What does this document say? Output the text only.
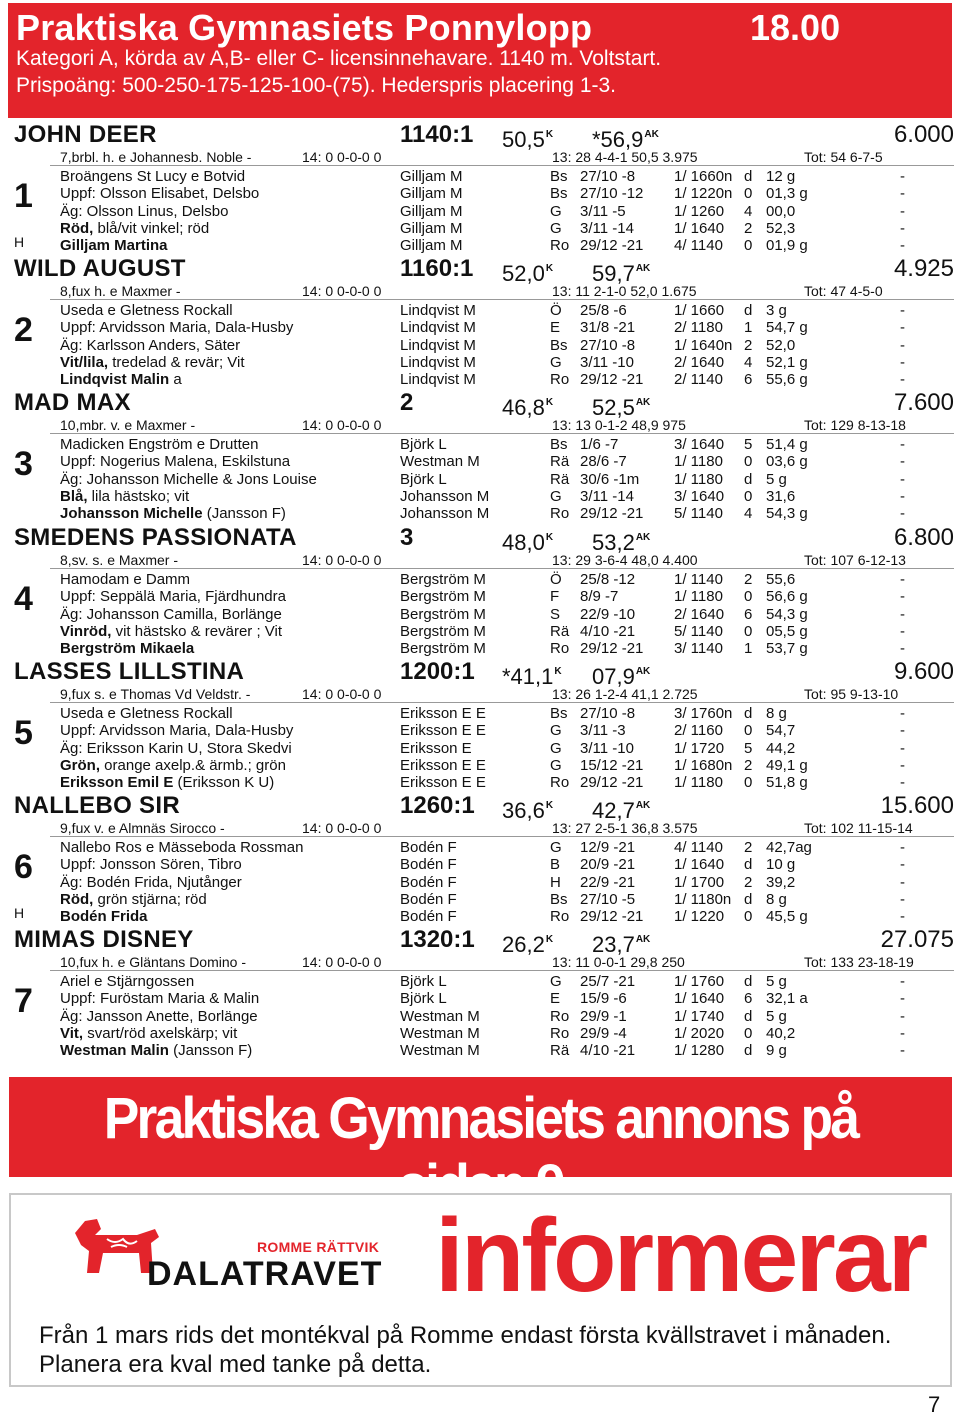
Praktiska Gymnasiets Ponnylopp	18.00
Kategori A, körda av A,B- eller C- licensinnehavare. 1140 m. Voltstart.
Prispoäng: 500-250-175-125-100-(75). Hederspris placering 1-3.
JOHN DEER	1140:1 $50,5^K$ $*56,9^{AK}$	6.000
7,brbl. h. e Johannesb. Noble -	14: 0 0-0-0 0	13: 28 4-4-1 50,5 3.975	Tot: 54 6-7-5
1
H
Broängens St Lucy e Botvid	Gilljam M	Bs 27/10 -8	1/ 1660n d 12 g	-
Uppf: Olsson Elisabet, Delsbo	Gilljam M	Bs 27/10 -12 1/ 1220n 0 01,3 g	-
Äg: Olsson Linus, Delsbo	Gilljam M	G 3/11 -5	1/ 1260 4 00,0	-
Röd, blå/vit vinkel; röd	Gilljam M	G 3/11 -14	1/ 1640 2 52,3	-
Gilljam Martina	Gilljam M	Ro 29/12 -21 4/ 1140 0 01,9 g	-
WILD AUGUST	1160:1 $52,0^K$ $59,7^{AK}$	4.925
8,fux h. e Maxmer -	14: 0 0-0-0 0	13: 11 2-1-0 52,0 1.675	Tot: 47 4-5-0
2
Useda e Gletness Rockall	Lindqvist M	Ö 25/8 -6	1/ 1660 d 3 g	-
Uppf: Arvidsson Maria, Dala-Husby	Lindqvist M	E 31/8 -21	2/ 1180 1 54,7 g	-
Äg: Karlsson Anders, Säter	Lindqvist M	Bs 27/10 -8	1/ 1640n 2 52,0	-
Vit/lila, tredelad & revär; Vit	Lindqvist M	G 3/11 -10	2/ 1640 4 52,1 g	-
Lindqvist Malin a	Lindqvist M	Ro 29/12 -21 2/ 1140 6 55,6 g	-
MAD MAX	2	$46,8^K$ $52,5^{AK}$	7.600
10,mbr. v. e Maxmer -	14: 0 0-0-0 0	13: 13 0-1-2 48,9 975	Tot: 129 8-13-18
3
Madicken Engström e Drutten	Björk L	Bs 1/6 -7	3/ 1640 5 51,4 g	-
Uppf: Nogerius Malena, Eskilstuna	Westman M	Rä 28/6 -7	1/ 1180 0 03,6 g	-
Äg: Johansson Michelle & Jons Louise	Björk L	Rä 30/6 -1m 1/ 1180 d 5 g	-
Blå, lila hästsko; vit	Johansson M	G 3/11 -14	3/ 1640 0 31,6	-
Johansson Michelle (Jansson F)	Johansson M	Ro 29/12 -21 5/ 1140 4 54,3 g	-
SMEDENS PASSIONATA	3	$48,0^K$ $53,2^{AK}$	6.800
8,sv. s. e Maxmer -	14: 0 0-0-0 0	13: 29 3-6-4 48,0 4.400	Tot: 107 6-12-13
4
Hamodam e Damm	Bergström M	Ö 25/8 -12	1/ 1140 2 55,6	-
Uppf: Seppälä Maria, Fjärdhundra	Bergström M	F 8/9 -7	1/ 1180 0 56,6 g	-
Äg: Johansson Camilla, Borlänge	Bergström M	S 22/9 -10	2/ 1640 6 54,3 g	-
Vinröd, vit hästsko & revärer ; Vit	Bergström M	Rä 4/10 -21	5/ 1140 0 05,5 g	-
Bergström Mikaela	Bergström M	Ro 29/12 -21 3/ 1140 1 53,7 g	-
LASSES LILLSTINA	1200:1 $*41,1^K$ $07,9^{AK}$	9.600
9,fux s. e Thomas Vd Veldstr. -	14: 0 0-0-0 0	13: 26 1-2-4 41,1 2.725	Tot: 95 9-13-10
5
Useda e Gletness Rockall	Eriksson E E	Bs 27/10 -8	3/ 1760n d 8 g	-
Uppf: Arvidsson Maria, Dala-Husby	Eriksson E E	G 3/11 -3	2/ 1160 0 54,7	-
Äg: Eriksson Karin U, Stora Skedvi	Eriksson E	G 3/11 -10	1/ 1720 5 44,2	-
Grön, orange axelp.& ärmb.; grön	Eriksson E E	G 15/12 -21 1/ 1680n 2 49,1 g	-
Eriksson Emil E (Eriksson K U)	Eriksson E E	Ro 29/12 -21 1/ 1180 0 51,8 g	-
NALLEBO SIR	1260:1 $36,6^K$ $42,7^{AK}$	15.600
9,fux v. e Almnäs Sirocco -	14: 0 0-0-0 0	13: 27 2-5-1 36,8 3.575	Tot: 102 11-15-14
6
H
Nallebo Ros e Mässeboda Rossman	Bodén F	G 12/9 -21	4/ 1140 2 42,7ag	-
Uppf: Jonsson Sören, Tibro	Bodén F	B 20/9 -21	1/ 1640 d 10 g	-
Äg: Bodén Frida, Njutånger	Bodén F	H 22/9 -21	1/ 1700 2 39,2	-
Röd, grön stjärna; röd	Bodén F	Bs 27/10 -5	1/ 1180n d 8 g	-
Bodén Frida	Bodén F	Ro 29/12 -21 1/ 1220 0 45,5 g	-
MIMAS DISNEY	1320:1 $26,2^K$ $23,7^{AK}$	27.075
10,fux h. e Gläntans Domino -	14: 0 0-0-0 0	13: 11 0-0-1 29,8 250	Tot: 133 23-18-19
7
Ariel e Stjärngossen	Björk L	G 25/7 -21	1/ 1760 d 5 g	-
Uppf: Furöstam Maria & Malin	Björk L	E 15/9 -6	1/ 1640 6 32,1 a	-
Äg: Jansson Anette, Borlänge	Westman M	Ro 29/9 -1	1/ 1740 d 5 g	-
Vit, svart/röd axelskärp; vit	Westman M	Ro 29/9 -4	1/ 2020 0 40,2	-
Westman Malin (Jansson F)	Westman M	Rä 4/10 -21	1/ 1280 d 9 g	-
Praktiska Gymnasiets annons på sidan 9
ROMME RÄTTVIK
DALATRAVET informerar
Från 1 mars rids det montékval på Romme endast första kvällstravet i månaden. Planera era kval med tanke på detta.
7
